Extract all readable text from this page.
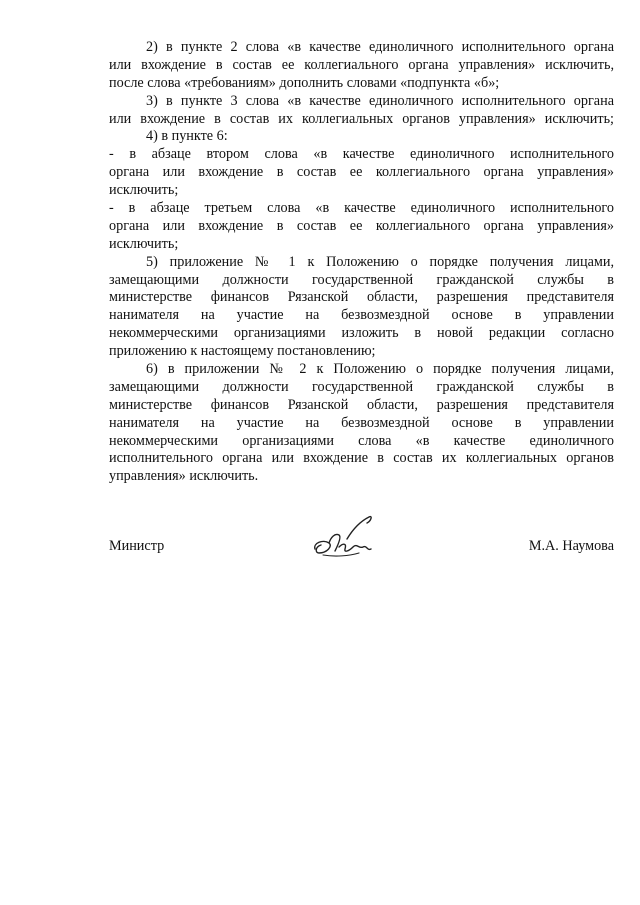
2) в пункте 2 слова «в качестве единоличного исполнительного органа
или вхождение в состав ее коллегиального органа управления» исключить,
после слова «требованиям» дополнить словами «подпункта «б»;
3) в пункте 3 слова «в качестве единоличного исполнительного органа
или вхождение в состав их коллегиальных органов управления» исключить;
4) в пункте 6:
- в абзаце втором слова «в качестве единоличного исполнительного
органа или вхождение в состав ее коллегиального органа управления»
исключить;
- в абзаце третьем слова «в качестве единоличного исполнительного
органа или вхождение в состав ее коллегиального органа управления»
исключить;
5) приложение № 1 к Положению о порядке получения лицами,
замещающими должности государственной гражданской службы в
министерстве финансов Рязанской области, разрешения представителя
нанимателя на участие на безвозмездной основе в управлении
некоммерческими организациями изложить в новой редакции согласно
приложению к настоящему постановлению;
6) в приложении № 2 к Положению о порядке получения лицами,
замещающими должности государственной гражданской службы в
министерстве финансов Рязанской области, разрешения представителя
нанимателя на участие на безвозмездной основе в управлении
некоммерческими организациями слова «в качестве единоличного
исполнительного органа или вхождение в состав их коллегиальных органов
управления» исключить.
Министр	М.А. Наумова
